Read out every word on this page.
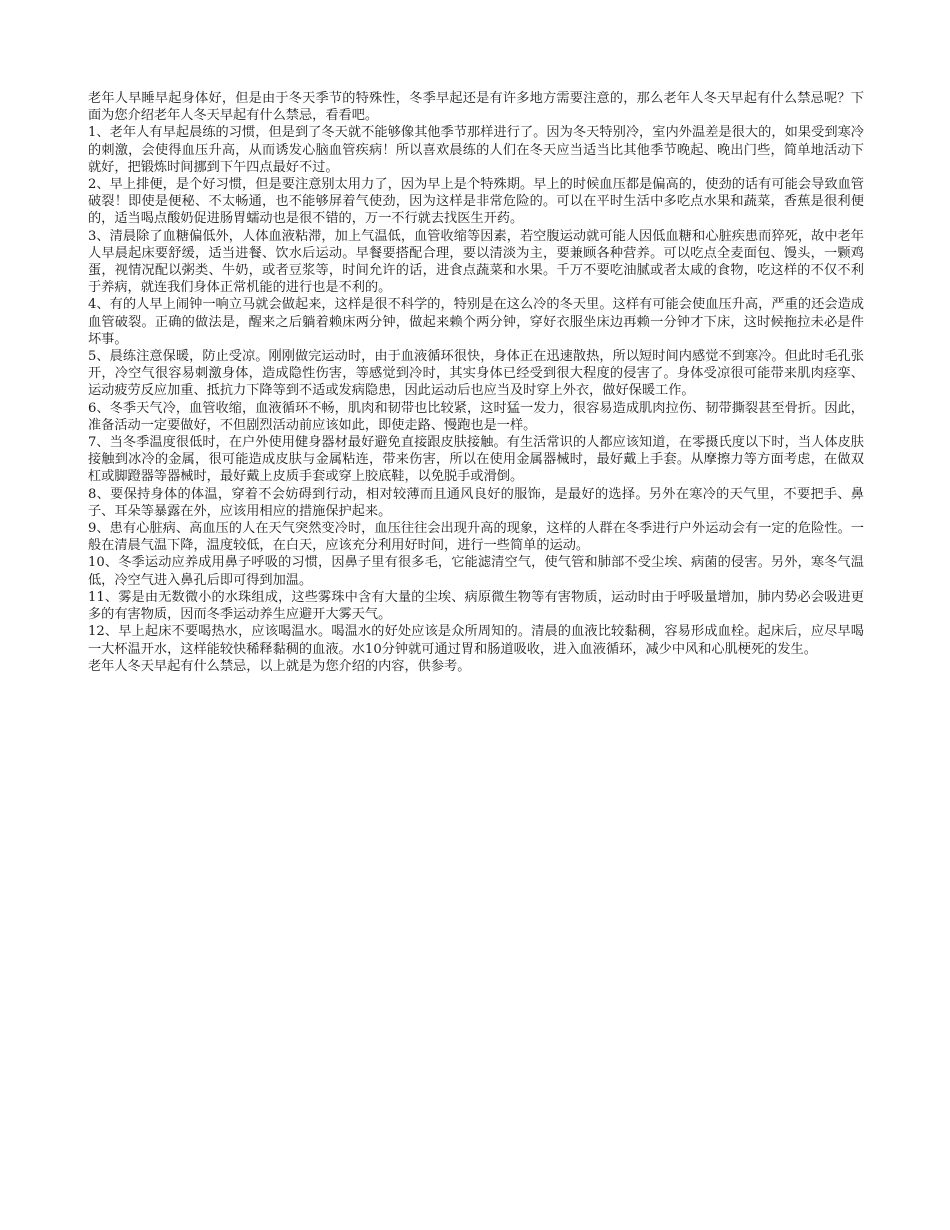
老年人早睡早起身体好，但是由于冬天季节的特殊性，冬季早起还是有许多地方需要注意的，那么老年人冬天早起有什么禁忌呢？下面为您介绍老年人冬天早起有什么禁忌，看看吧。

1、老年人有早起晨练的习惯，但是到了冬天就不能够像其他季节那样进行了。因为冬天特别冷，室内外温差是很大的，如果受到寒冷的刺激，会使得血压升高，从而诱发心脑血管疾病！所以喜欢晨练的人们在冬天应当适当比其他季节晚起、晚出门些，简单地活动下就好，把锻炼时间挪到下午四点最好不过。

2、早上排便，是个好习惯，但是要注意别太用力了，因为早上是个特殊期。早上的时候血压都是偏高的，使劲的话有可能会导致血管破裂！即使是便秘、不太畅通，也不能够屏着气使劲，因为这样是非常危险的。可以在平时生活中多吃点水果和蔬菜，香蕉是很利便的，适当喝点酸奶促进肠胃蠕动也是很不错的，万一不行就去找医生开药。

3、清晨除了血糖偏低外，人体血液粘滞，加上气温低，血管收缩等因素，若空腹运动就可能人因低血糖和心脏疾患而猝死，故中老年人早晨起床要舒缓，适当进餐、饮水后运动。早餐要搭配合理，要以清淡为主，要兼顾各种营养。可以吃点全麦面包、馒头，一颗鸡蛋，视情况配以粥类、牛奶，或者豆浆等，时间允许的话，进食点蔬菜和水果。千万不要吃油腻或者太咸的食物，吃这样的不仅不利于养病，就连我们身体正常机能的进行也是不利的。

4、有的人早上闹钟一响立马就会做起来，这样是很不科学的，特别是在这么冷的冬天里。这样有可能会使血压升高，严重的还会造成血管破裂。正确的做法是，醒来之后躺着赖床两分钟，做起来赖个两分钟，穿好衣服坐床边再赖一分钟才下床，这时候拖拉未必是件坏事。

5、晨练注意保暖，防止受凉。刚刚做完运动时，由于血液循环很快，身体正在迅速散热，所以短时间内感觉不到寒冷。但此时毛孔张开，冷空气很容易刺激身体，造成隐性伤害，等感觉到冷时，其实身体已经受到很大程度的侵害了。身体受凉很可能带来肌肉痉挛、运动疲劳反应加重、抵抗力下降等到不适或发病隐患，因此运动后也应当及时穿上外衣，做好保暖工作。

6、冬季天气冷，血管收缩，血液循环不畅，肌肉和韧带也比较紧，这时猛一发力，很容易造成肌肉拉伤、韧带撕裂甚至骨折。因此，准备活动一定要做好，不但剧烈活动前应该如此，即使走路、慢跑也是一样。

7、当冬季温度很低时，在户外使用健身器材最好避免直接跟皮肤接触。有生活常识的人都应该知道，在零摄氏度以下时，当人体皮肤接触到冰冷的金属，很可能造成皮肤与金属粘连，带来伤害，所以在使用金属器械时，最好戴上手套。从摩擦力等方面考虑，在做双杠或脚蹬器等器械时，最好戴上皮质手套或穿上胶底鞋，以免脱手或滑倒。

8、要保持身体的体温，穿着不会妨碍到行动，相对较薄而且通风良好的服饰，是最好的选择。另外在寒冷的天气里，不要把手、鼻子、耳朵等暴露在外，应该用相应的措施保护起来。

9、患有心脏病、高血压的人在天气突然变冷时，血压往往会出现升高的现象，这样的人群在冬季进行户外运动会有一定的危险性。一般在清晨气温下降，温度较低，在白天，应该充分利用好时间，进行一些简单的运动。

10、冬季运动应养成用鼻子呼吸的习惯，因鼻子里有很多毛，它能滤清空气，使气管和肺部不受尘埃、病菌的侵害。另外，寒冬气温低，冷空气进入鼻孔后即可得到加温。

11、雾是由无数微小的水珠组成，这些雾珠中含有大量的尘埃、病原微生物等有害物质，运动时由于呼吸量增加，肺内势必会吸进更多的有害物质，因而冬季运动养生应避开大雾天气。

12、早上起床不要喝热水，应该喝温水。喝温水的好处应该是众所周知的。清晨的血液比较黏稠，容易形成血栓。起床后，应尽早喝一大杯温开水，这样能较快稀释黏稠的血液。水10分钟就可通过胃和肠道吸收，进入血液循环，减少中风和心肌梗死的发生。

老年人冬天早起有什么禁忌，以上就是为您介绍的内容，供参考。
